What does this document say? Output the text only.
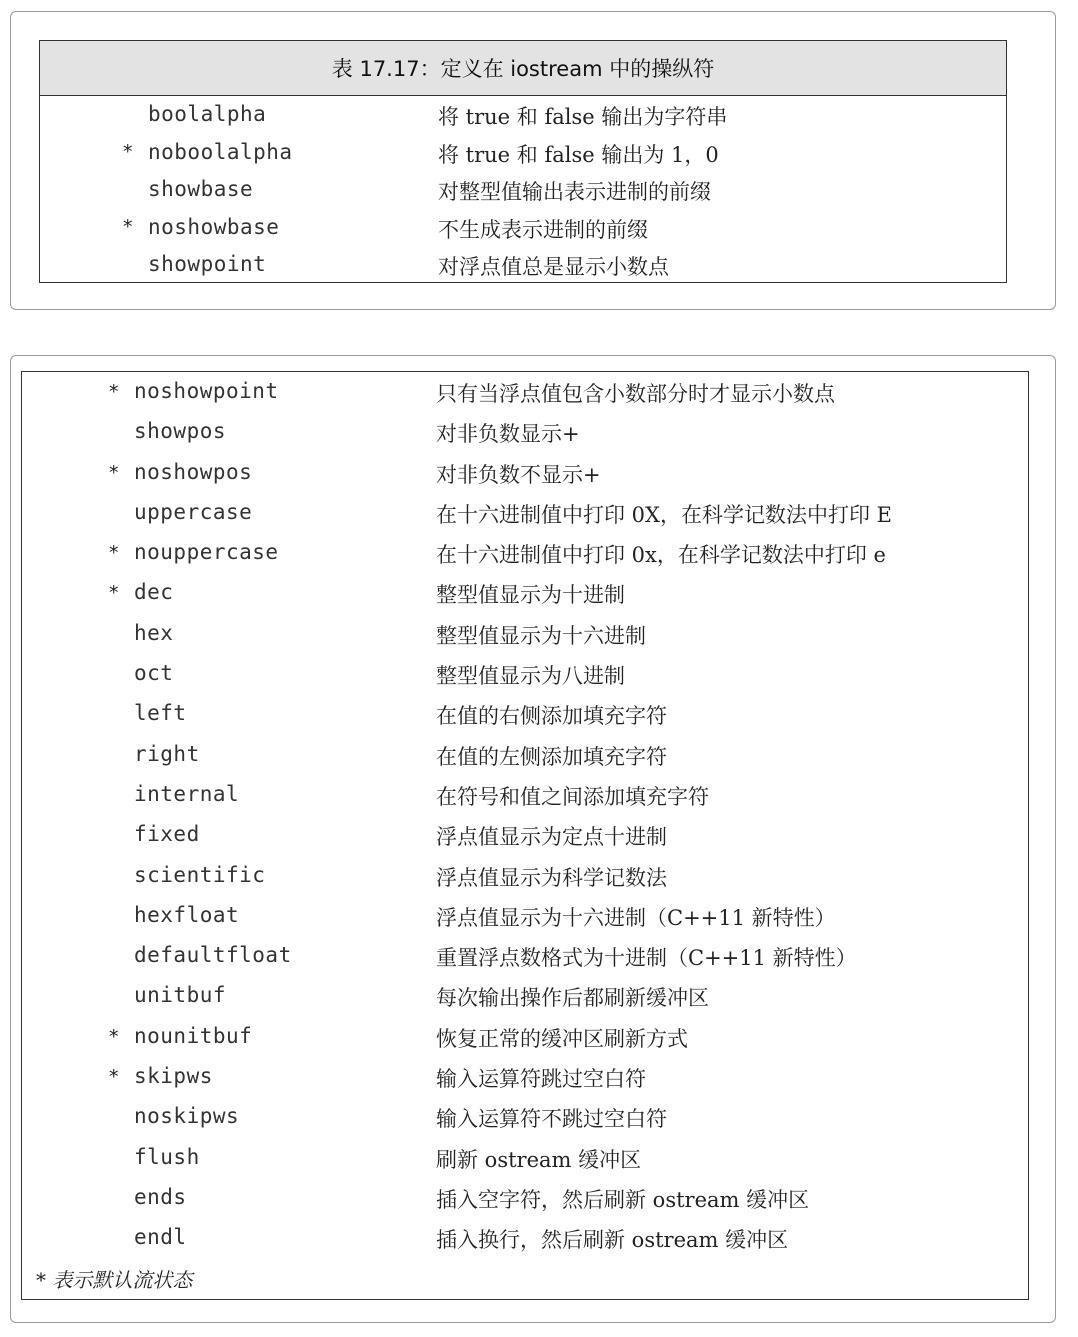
表 17.17：定义在 iostream 中的操纵符
boolalpha	将 true 和 false 输出为字符串
* noboolalpha	将 true 和 false 输出为 1，0
showbase	对整型值输出表示进制的前缀
* noshowbase	不生成表示进制的前缀
showpoint	对浮点值总是显示小数点
* noshowpoint	只有当浮点值包含小数部分时才显示小数点
showpos	对非负数显示+
* noshowpos	对非负数不显示+
uppercase	在十六进制值中打印 0X，在科学记数法中打印 E
* nouppercase	在十六进制值中打印 0x，在科学记数法中打印 e
* dec	整型值显示为十进制
hex	整型值显示为十六进制
oct	整型值显示为八进制
left	在值的右侧添加填充字符
right	在值的左侧添加填充字符
internal	在符号和值之间添加填充字符
fixed	浮点值显示为定点十进制
scientific	浮点值显示为科学记数法
hexfloat	浮点值显示为十六进制（C++11 新特性）
defaultfloat	重置浮点数格式为十进制（C++11 新特性）
unitbuf	每次输出操作后都刷新缓冲区
* nounitbuf	恢复正常的缓冲区刷新方式
* skipws	输入运算符跳过空白符
noskipws	输入运算符不跳过空白符
flush	刷新 ostream 缓冲区
ends	插入空字符，然后刷新 ostream 缓冲区
endl	插入换行，然后刷新 ostream 缓冲区
* 表示默认流状态
